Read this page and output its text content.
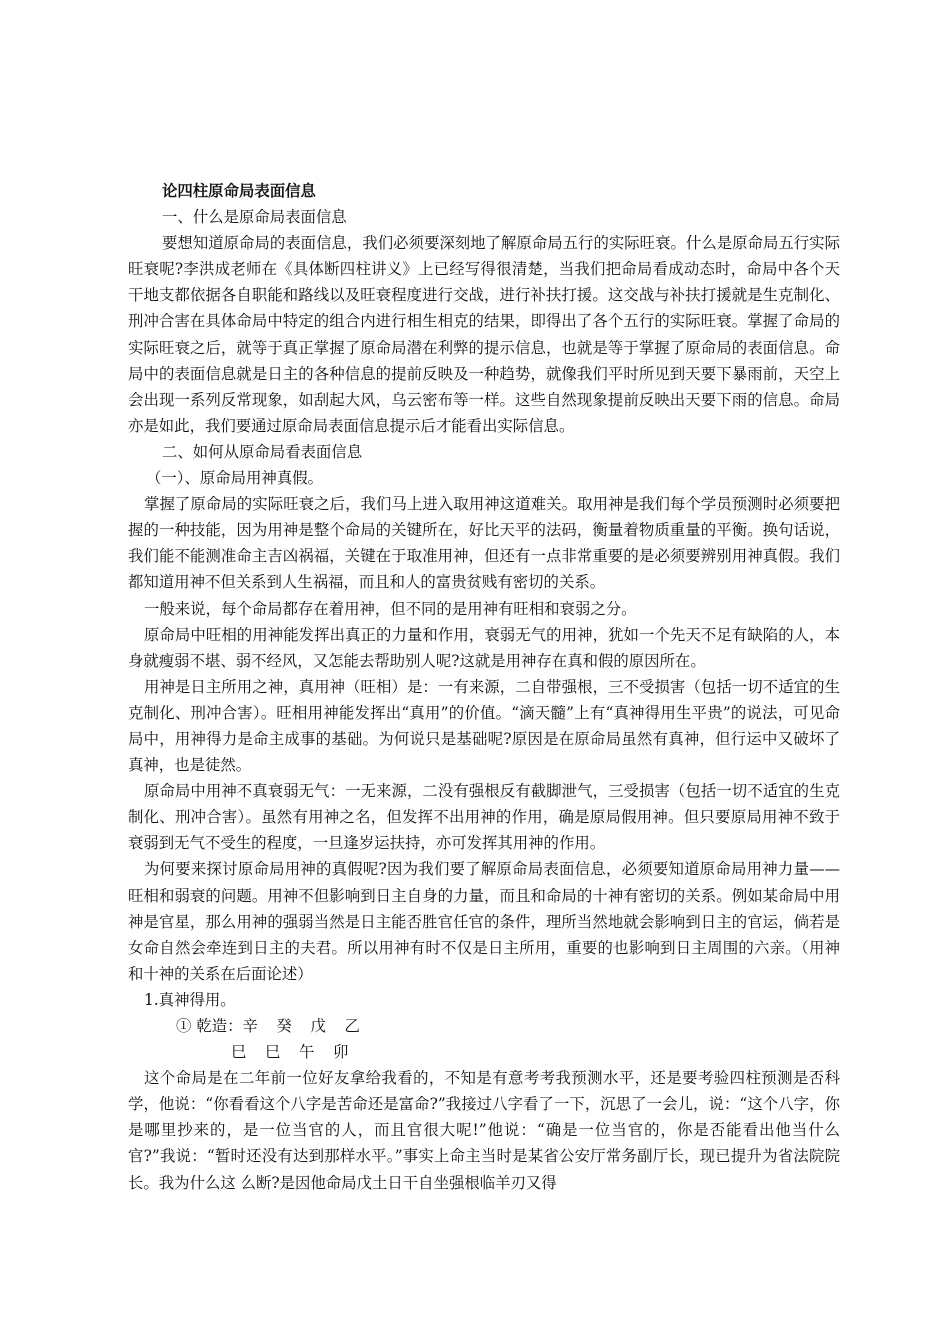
论四柱原命局表面信息

一、什么是原命局表面信息

要想知道原命局的表面信息，我们必须要深刻地了解原命局五行的实际旺衰。什么是原命局五行实际旺衰呢?李洪成老师在《具体断四柱讲义》上已经写得很清楚，当我们把命局看成动态时，命局中各个天干地支都依据各自职能和路线以及旺衰程度进行交战，进行补扶打援。这交战与补扶打援就是生克制化、刑冲合害在具体命局中特定的组合内进行相生相克的结果，即得出了各个五行的实际旺衰。掌握了命局的实际旺衰之后，就等于真正掌握了原命局潜在利弊的提示信息，也就是等于掌握了原命局的表面信息。命局中的表面信息就是日主的各种信息的提前反映及一种趋势，就像我们平时所见到天要下暴雨前，天空上会出现一系列反常现象，如刮起大风，乌云密布等一样。这些自然现象提前反映出天要下雨的信息。命局亦是如此，我们要通过原命局表面信息提示后才能看出实际信息。

二、如何从原命局看表面信息

（一）、原命局用神真假。

掌握了原命局的实际旺衰之后，我们马上进入取用神这道难关。取用神是我们每个学员预测时必须要把握的一种技能，因为用神是整个命局的关键所在，好比天平的法码，衡量着物质重量的平衡。换句话说，我们能不能测准命主吉凶祸福，关键在于取准用神，但还有一点非常重要的是必须要辨别用神真假。我们都知道用神不但关系到人生祸福，而且和人的富贵贫贱有密切的关系。

一般来说，每个命局都存在着用神，但不同的是用神有旺相和衰弱之分。

原命局中旺相的用神能发挥出真正的力量和作用，衰弱无气的用神，犹如一个先天不足有缺陷的人，本身就瘦弱不堪、弱不经风，又怎能去帮助别人呢?这就是用神存在真和假的原因所在。

用神是日主所用之神，真用神（旺相）是：一有来源，二自带强根，三不受损害（包括一切不适宜的生克制化、刑冲合害）。旺相用神能发挥出“真用”的价值。“滴天髓”上有“真神得用生平贵”的说法，可见命局中，用神得力是命主成事的基础。为何说只是基础呢?原因是在原命局虽然有真神，但行运中又破坏了真神，也是徒然。

原命局中用神不真衰弱无气：一无来源，二没有强根反有截脚泄气，三受损害（包括一切不适宜的生克制化、刑冲合害）。虽然有用神之名，但发挥不出用神的作用，确是原局假用神。但只要原局用神不致于衰弱到无气不受生的程度，一旦逢岁运扶持，亦可发挥其用神的作用。

为何要来探讨原命局用神的真假呢?因为我们要了解原命局表面信息，必须要知道原命局用神力量——旺相和弱衰的问题。用神不但影响到日主自身的力量，而且和命局的十神有密切的关系。例如某命局中用神是官星，那么用神的强弱当然是日主能否胜官任官的条件，理所当然地就会影响到日主的官运，倘若是女命自然会牵连到日主的夫君。所以用神有时不仅是日主所用，重要的也影响到日主周围的六亲。（用神和十神的关系在后面论述）

1.真神得用。

① 乾造：辛 癸 戊 乙

巳 巳 午 卯

这个命局是在二年前一位好友拿给我看的，不知是有意考考我预测水平，还是要考验四柱预测是否科学，他说：“你看看这个八字是苦命还是富命?”我接过八字看了一下，沉思了一会儿，说：“这个八字，你是哪里抄来的，是一位当官的人，而且官很大呢!”他说：“确是一位当官的，你是否能看出他当什么官?”我说：“暂时还没有达到那样水平。”事实上命主当时是某省公安厅常务副厅长，现已提升为省法院院长。我为什么这 么断?是因他命局戊土日干自坐强根临羊刃又得
